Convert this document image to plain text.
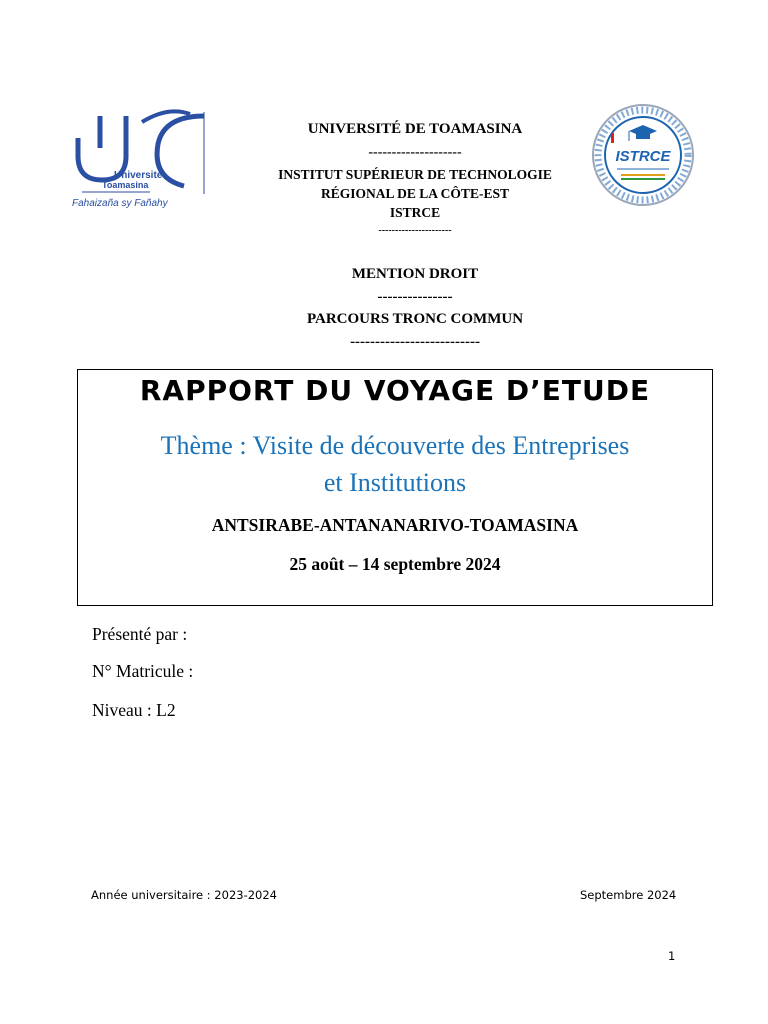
Université
Toamasina
Fahaizaña sy Fañahy
ISTRCE
UNIVERSITÉ DE TOAMASINA
--------------------
INSTITUT SUPÉRIEUR DE TECHNOLOGIE
RÉGIONAL DE LA CÔTE-EST
ISTRCE
----------------------
MENTION DROIT
---------------
PARCOURS TRONC COMMUN
--------------------------
RAPPORT DU VOYAGE D’ETUDE
Thème : Visite de découverte des Entreprises
et Institutions
ANTSIRABE-ANTANANARIVO-TOAMASINA
25 août – 14 septembre 2024
Présenté par :
N° Matricule :
Niveau : L2
Année universitaire : 2023-2024	Septembre 2024
1
